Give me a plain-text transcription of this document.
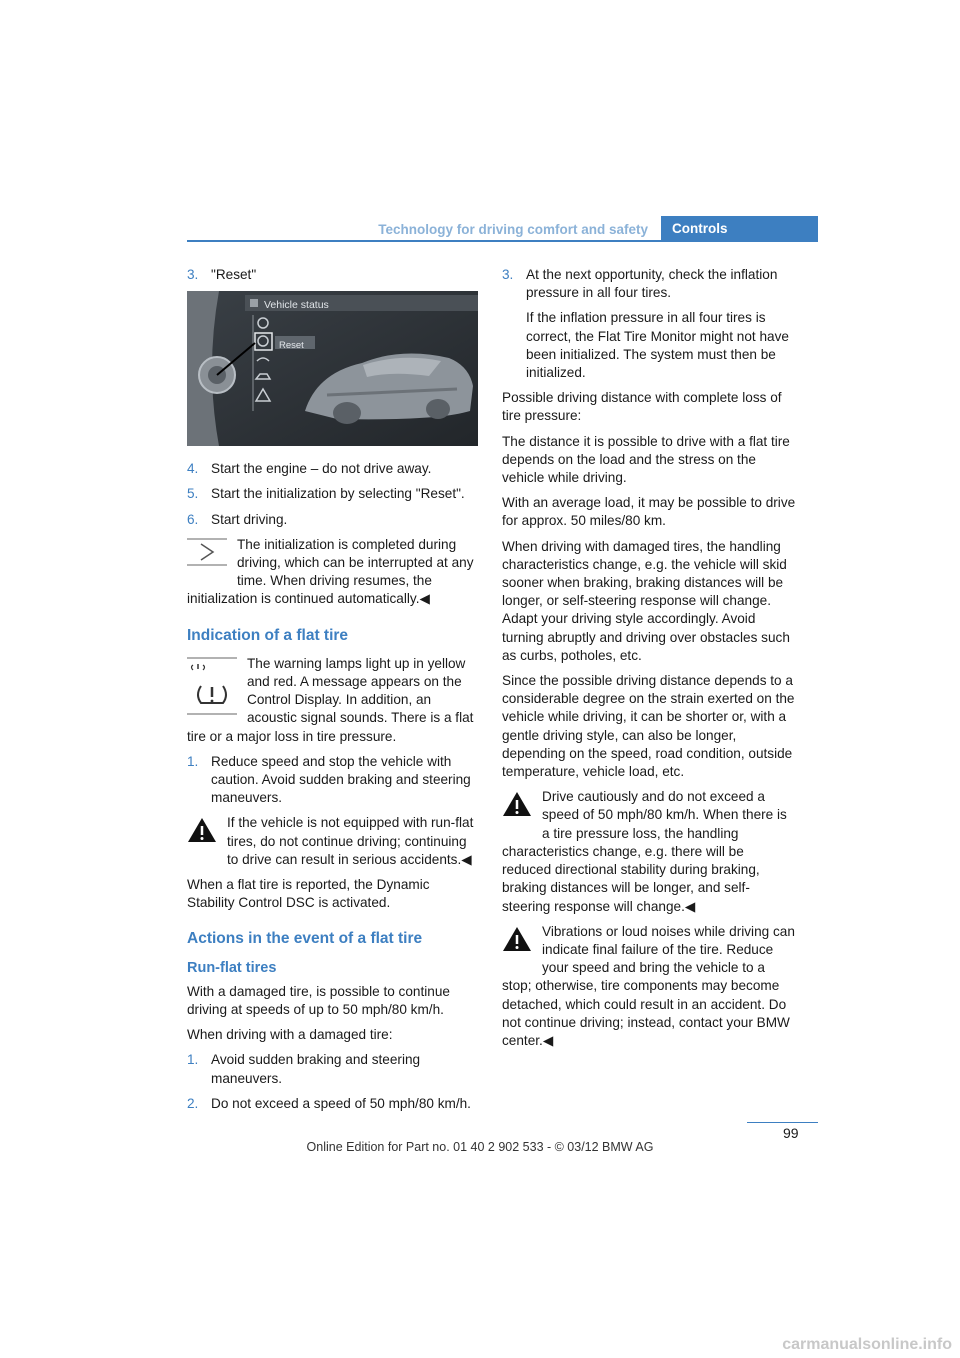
Technology for driving comfort and safety	Controls
3. "Reset"
Vehicle status
Reset
4. Start the engine – do not drive away.
5. Start the initialization by selecting "Reset".
6. Start driving.

The initialization is completed during driving, which can be interrupted at any time. When driving resumes, the initialization is continued automatically.◀

Indication of a flat tire

The warning lamps light up in yellow and red. A message appears on the Control Display. In addition, an acoustic signal sounds. There is a flat tire or a major loss in tire pressure.

1. Reduce speed and stop the vehicle with caution. Avoid sudden braking and steering maneuvers.

If the vehicle is not equipped with run-flat tires, do not continue driving; continuing to drive can result in serious accidents.◀

When a flat tire is reported, the Dynamic Stability Control DSC is activated.

Actions in the event of a flat tire
Run-flat tires

With a damaged tire, is possible to continue driving at speeds of up to 50 mph/80 km/h.

When driving with a damaged tire:

1. Avoid sudden braking and steering maneuvers.
2. Do not exceed a speed of 50 mph/80 km/h.
3. At the next opportunity, check the inflation pressure in all four tires.

If the inflation pressure in all four tires is correct, the Flat Tire Monitor might not have been initialized. The system must then be initialized.

Possible driving distance with complete loss of tire pressure:

The distance it is possible to drive with a flat tire depends on the load and the stress on the vehicle while driving.

With an average load, it may be possible to drive for approx. 50 miles/80 km.

When driving with damaged tires, the handling characteristics change, e.g. the vehicle will skid sooner when braking, braking distances will be longer, or self-steering response will change. Adapt your driving style accordingly. Avoid turning abruptly and driving over obstacles such as curbs, potholes, etc.

Since the possible driving distance depends to a considerable degree on the strain exerted on the vehicle while driving, it can be shorter or, with a gentle driving style, can also be longer, depending on the speed, road condition, outside temperature, vehicle load, etc.

Drive cautiously and do not exceed a speed of 50 mph/80 km/h. When there is a tire pressure loss, the handling characteristics change, e.g. there will be reduced directional stability during braking, braking distances will be longer, and self-steering response will change.◀

Vibrations or loud noises while driving can indicate final failure of the tire. Reduce your speed and bring the vehicle to a stop; otherwise, tire components may become detached, which could result in an accident. Do not continue driving; instead, contact your BMW center.◀

99
Online Edition for Part no. 01 40 2 902 533 - © 03/12 BMW AG
carmanualsonline.info
